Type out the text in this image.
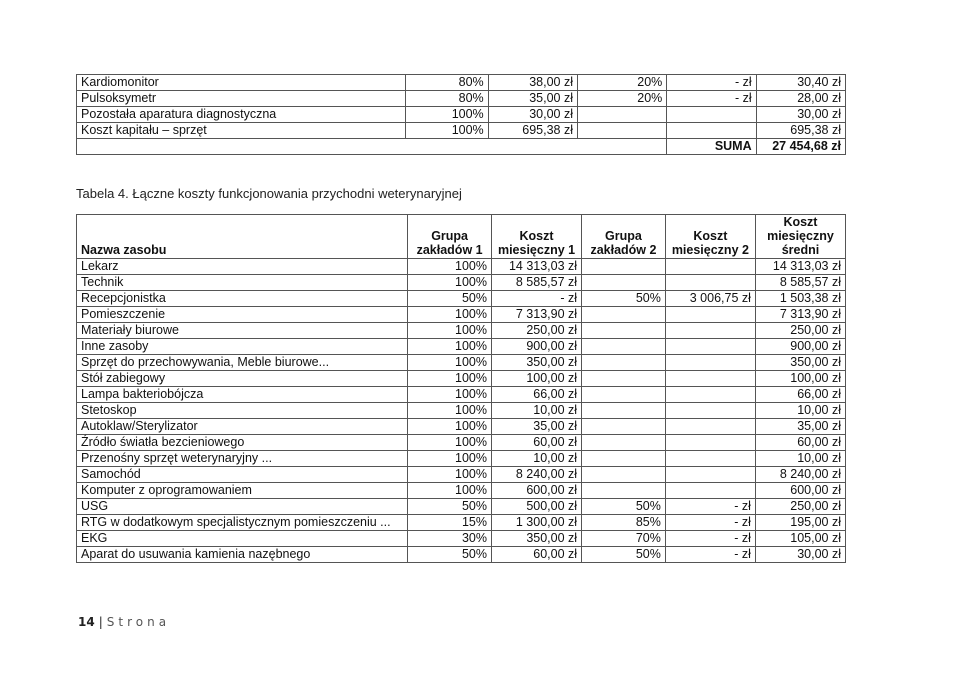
Kardiomonitor	80%	38,00 zł	20%	- zł	30,40 zł
Pulsoksymetr	80%	35,00 zł	20%	- zł	28,00 zł
Pozostała aparatura diagnostyczna	100%	30,00 zł			30,00 zł
Koszt kapitału – sprzęt	100%	695,38 zł			695,38 zł
				SUMA	27 454,68 zł
Tabela 4. Łączne koszty funkcjonowania przychodni weterynaryjnej
Nazwa zasobu	Grupa zakładów 1	Koszt miesięczny 1	Grupa zakładów 2	Koszt miesięczny 2	Koszt miesięczny średni
Lekarz	100%	14 313,03 zł			14 313,03 zł
Technik	100%	8 585,57 zł			8 585,57 zł
Recepcjonistka	50%	- zł	50%	3 006,75 zł	1 503,38 zł
Pomieszczenie	100%	7 313,90 zł			7 313,90 zł
Materiały biurowe	100%	250,00 zł			250,00 zł
Inne zasoby	100%	900,00 zł			900,00 zł
Sprzęt do przechowywania, Meble biurowe...	100%	350,00 zł			350,00 zł
Stół zabiegowy	100%	100,00 zł			100,00 zł
Lampa bakteriobójcza	100%	66,00 zł			66,00 zł
Stetoskop	100%	10,00 zł			10,00 zł
Autoklaw/Sterylizator	100%	35,00 zł			35,00 zł
Źródło światła bezcieniowego	100%	60,00 zł			60,00 zł
Przenośny sprzęt weterynaryjny ...	100%	10,00 zł			10,00 zł
Samochód	100%	8 240,00 zł			8 240,00 zł
Komputer z oprogramowaniem	100%	600,00 zł			600,00 zł
USG	50%	500,00 zł	50%	- zł	250,00 zł
RTG w dodatkowym specjalistycznym pomieszczeniu ...	15%	1 300,00 zł	85%	- zł	195,00 zł
EKG	30%	350,00 zł	70%	- zł	105,00 zł
Aparat do usuwania kamienia nazębnego	50%	60,00 zł	50%	- zł	30,00 zł
14 | Strona
